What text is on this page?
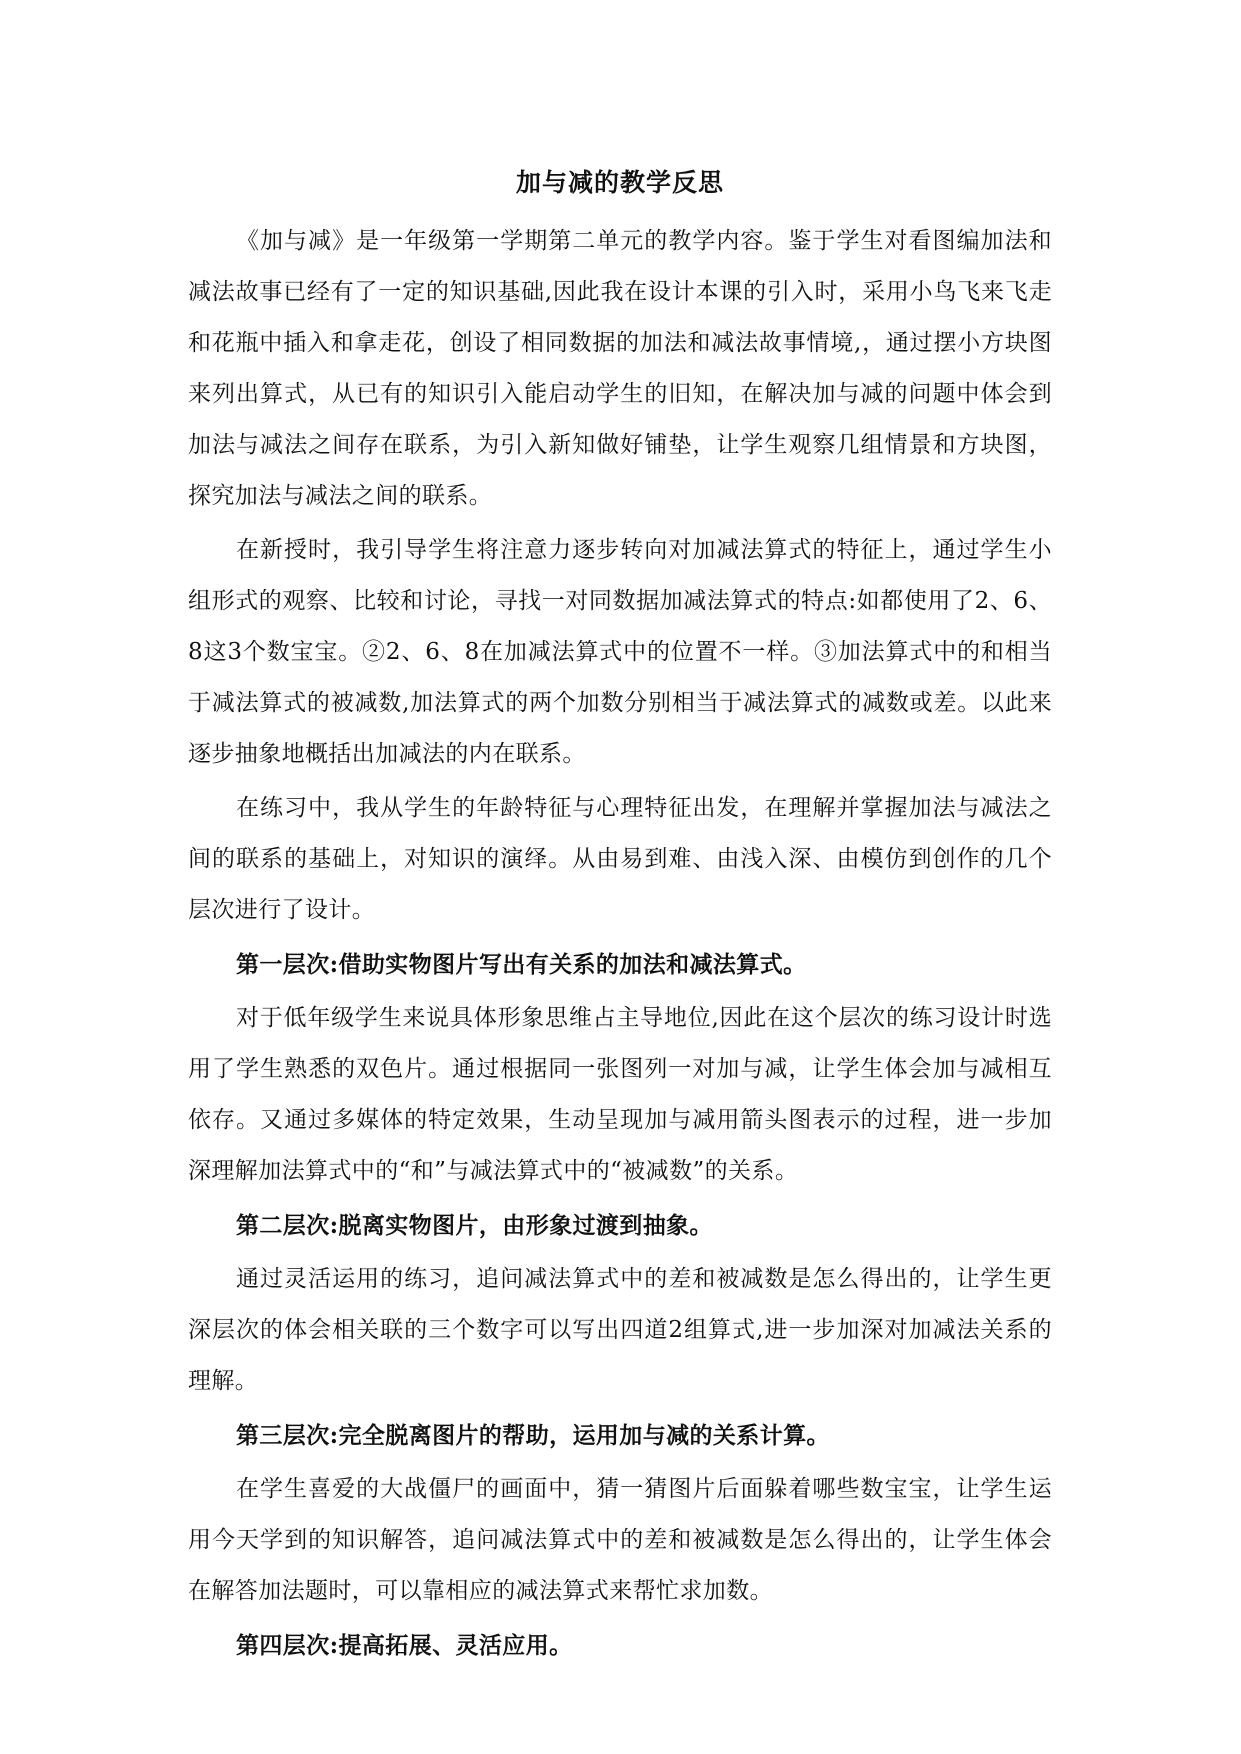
加与减的教学反思

《加与减》是一年级第一学期第二单元的教学内容。鉴于学生对看图编加法和减法故事已经有了一定的知识基础,因此我在设计本课的引入时，采用小鸟飞来飞走和花瓶中插入和拿走花，创设了相同数据的加法和减法故事情境,，通过摆小方块图来列出算式，从已有的知识引入能启动学生的旧知，在解决加与减的问题中体会到加法与减法之间存在联系，为引入新知做好铺垫，让学生观察几组情景和方块图，探究加法与减法之间的联系。

在新授时，我引导学生将注意力逐步转向对加减法算式的特征上，通过学生小组形式的观察、比较和讨论，寻找一对同数据加减法算式的特点:如都使用了2、6、8这3个数宝宝。②2、6、8在加减法算式中的位置不一样。③加法算式中的和相当于减法算式的被减数,加法算式的两个加数分别相当于减法算式的减数或差。以此来逐步抽象地概括出加减法的内在联系。

在练习中，我从学生的年龄特征与心理特征出发，在理解并掌握加法与减法之间的联系的基础上，对知识的演绎。从由易到难、由浅入深、由模仿到创作的几个层次进行了设计。

第一层次:借助实物图片写出有关系的加法和减法算式。

对于低年级学生来说具体形象思维占主导地位,因此在这个层次的练习设计时选用了学生熟悉的双色片。通过根据同一张图列一对加与减，让学生体会加与减相互依存。又通过多媒体的特定效果，生动呈现加与减用箭头图表示的过程，进一步加深理解加法算式中的“和”与减法算式中的“被减数”的关系。

第二层次:脱离实物图片，由形象过渡到抽象。

通过灵活运用的练习，追问减法算式中的差和被减数是怎么得出的，让学生更深层次的体会相关联的三个数字可以写出四道2组算式,进一步加深对加减法关系的理解。

第三层次:完全脱离图片的帮助，运用加与减的关系计算。

在学生喜爱的大战僵尸的画面中，猜一猜图片后面躲着哪些数宝宝，让学生运用今天学到的知识解答，追问减法算式中的差和被减数是怎么得出的，让学生体会在解答加法题时，可以靠相应的减法算式来帮忙求加数。

第四层次:提高拓展、灵活应用。
